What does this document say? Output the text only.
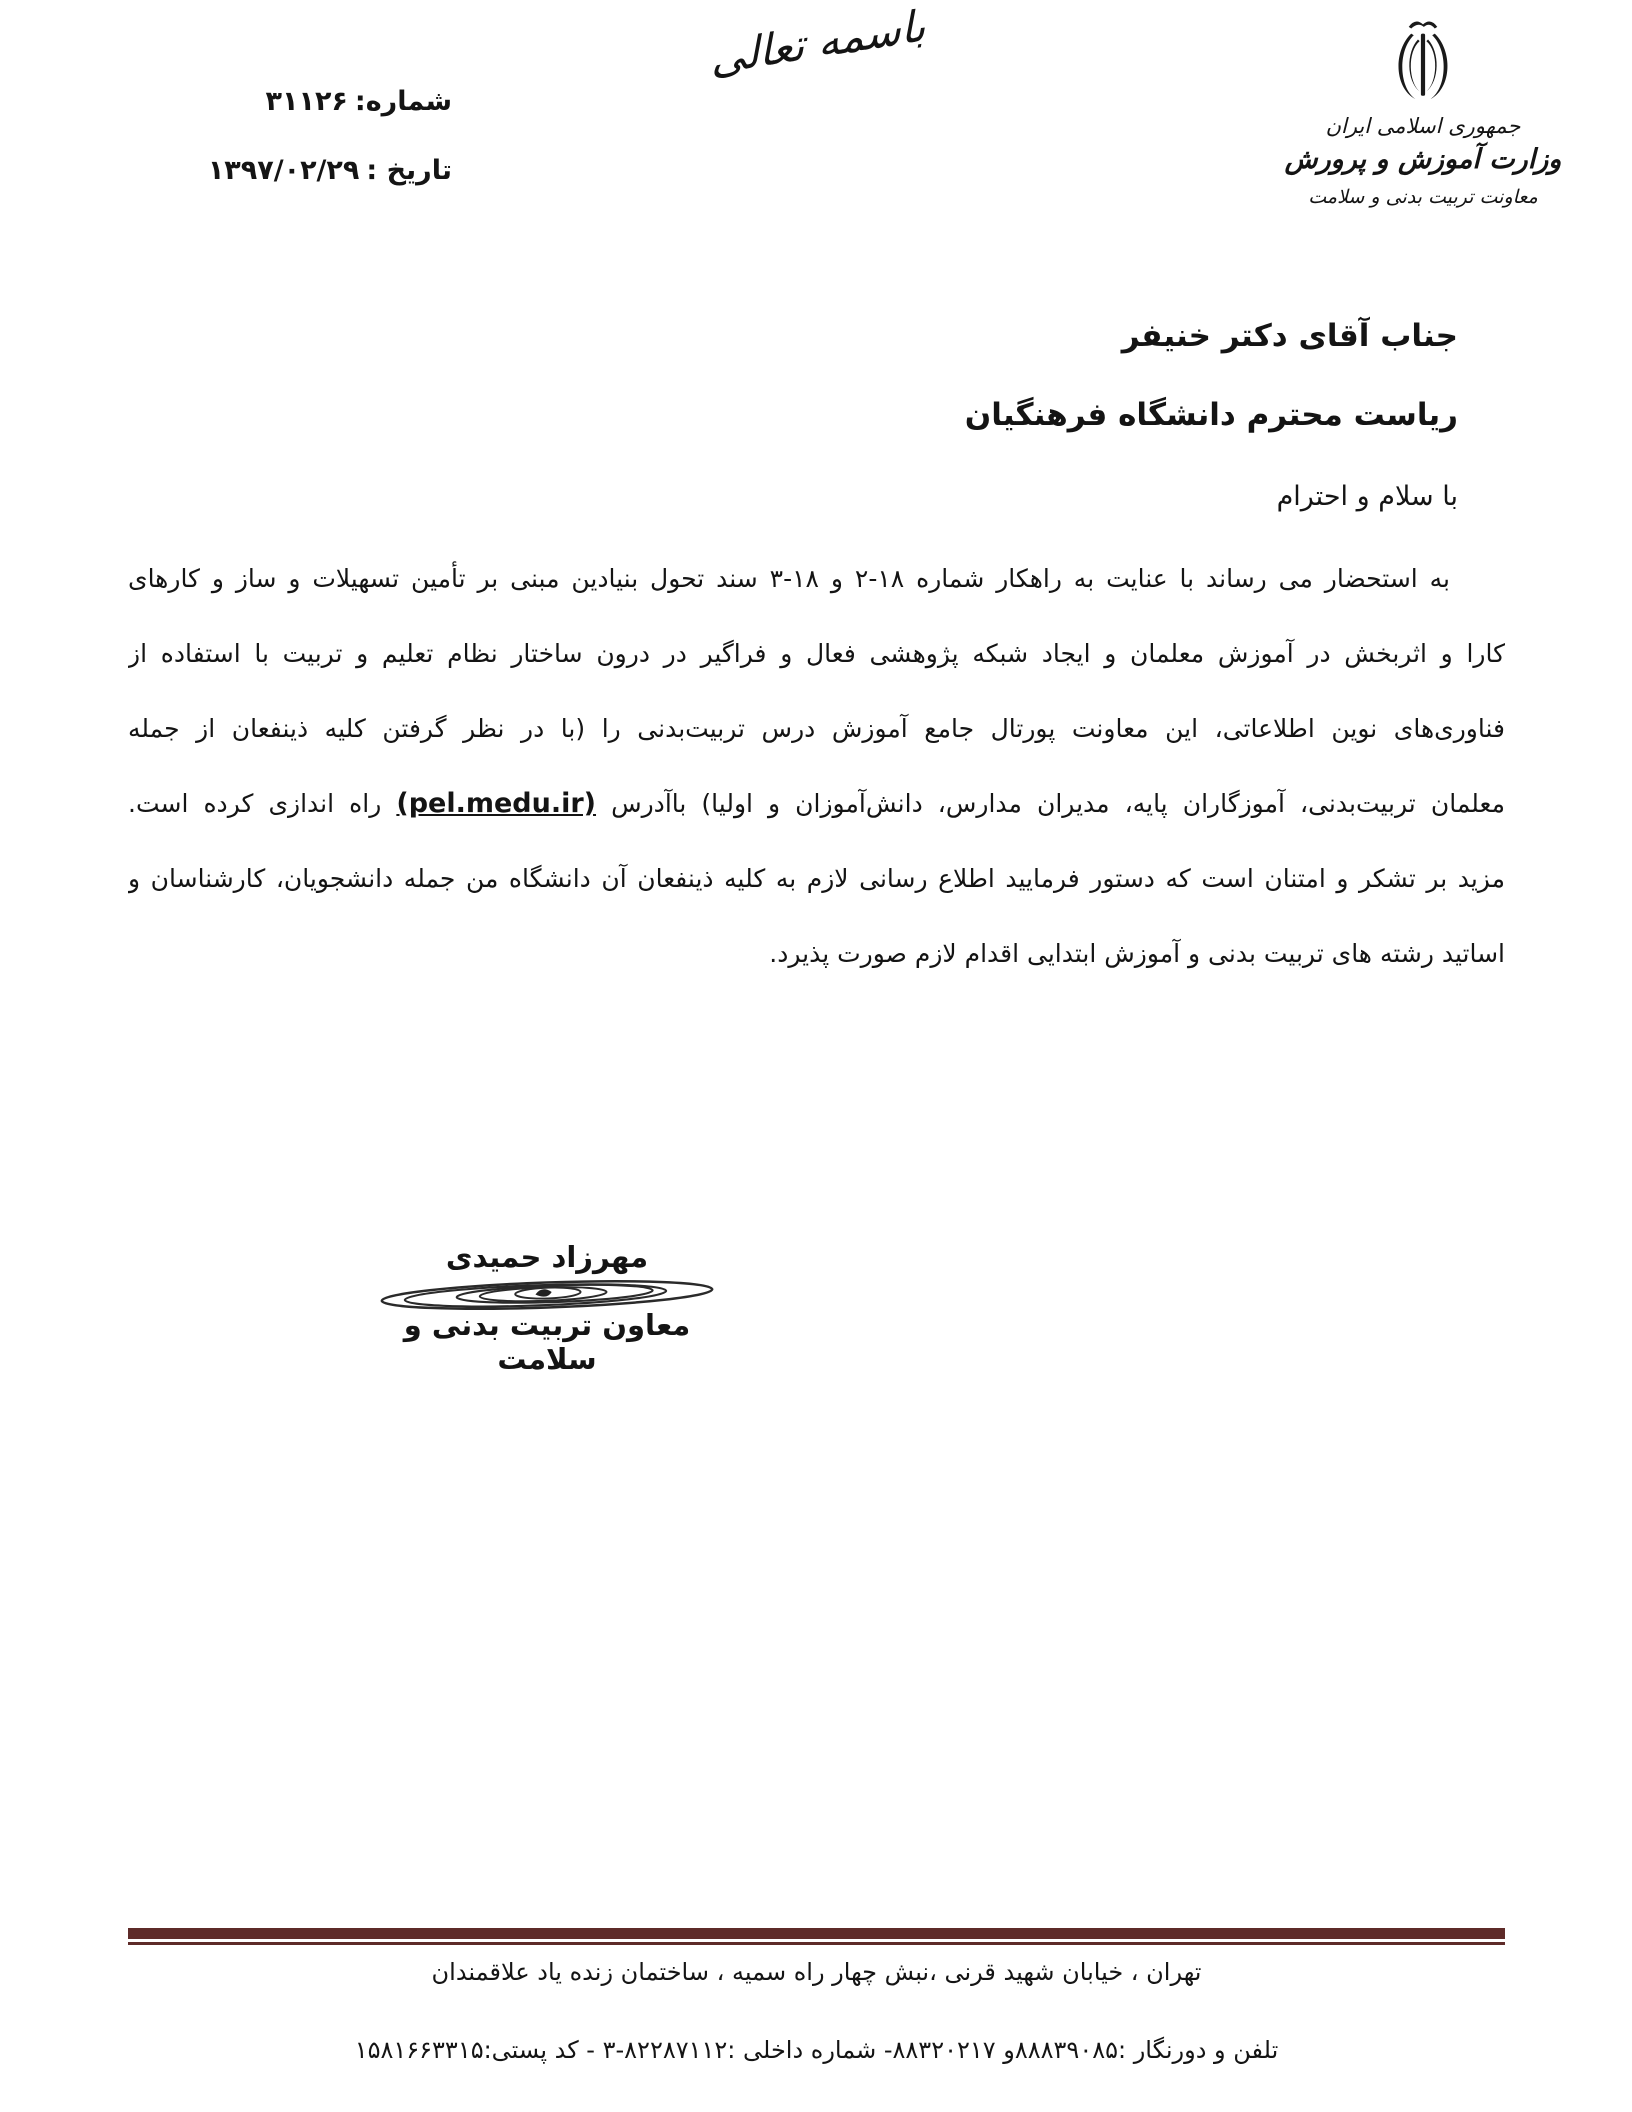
شماره:۳۱۱۲۶
تاریخ :۱۳۹۷/۰۲/۲۹
باسمه تعالی
جمهوری اسلامی ایران
وزارت آموزش و پرورش
معاونت تربیت بدنی و سلامت
جناب آقای دکتر خنیفر
ریاست محترم دانشگاه فرهنگیان
با سلام و احترام
به استحضار می رساند با عنایت به راهکار شماره ۱۸-۲ و ۱۸-۳ سند تحول بنیادین مبنی بر تأمین تسهیلات و ساز و کارهای
کارا و اثربخش در آموزش معلمان و ایجاد شبکه پژوهشی فعال و فراگیر در درون ساختار نظام تعلیم و تربیت با استفاده از
فناوری‌های نوین اطلاعاتی، این معاونت پورتال جامع آموزش درس تربیت‌بدنی را (با در نظر گرفتن کلیه ذینفعان از جمله
معلمان تربیت‌بدنی، آموزگاران پایه، مدیران مدارس، دانش‌آموزان و اولیا) باآدرس (pel.medu.ir) راه اندازی کرده است.
مزید بر تشکر و امتنان است که دستور فرمایید اطلاع رسانی لازم به کلیه ذینفعان آن دانشگاه من جمله دانشجویان، کارشناسان و
اساتید رشته های تربیت بدنی و آموزش ابتدایی اقدام لازم صورت پذیرد.
مهرزاد حمیدی
معاون تربیت بدنی و سلامت
تهران ، خیابان شهید قرنی ،نبش چهار راه سمیه ، ساختمان زنده یاد علاقمندان
تلفن و دورنگار :۸۸۸۳۹۰۸۵و ۸۸۳۲۰۲۱۷- شماره داخلی :۸۲۲۸۷۱۱۲-۳ - کد پستی:۱۵۸۱۶۶۳۳۱۵
